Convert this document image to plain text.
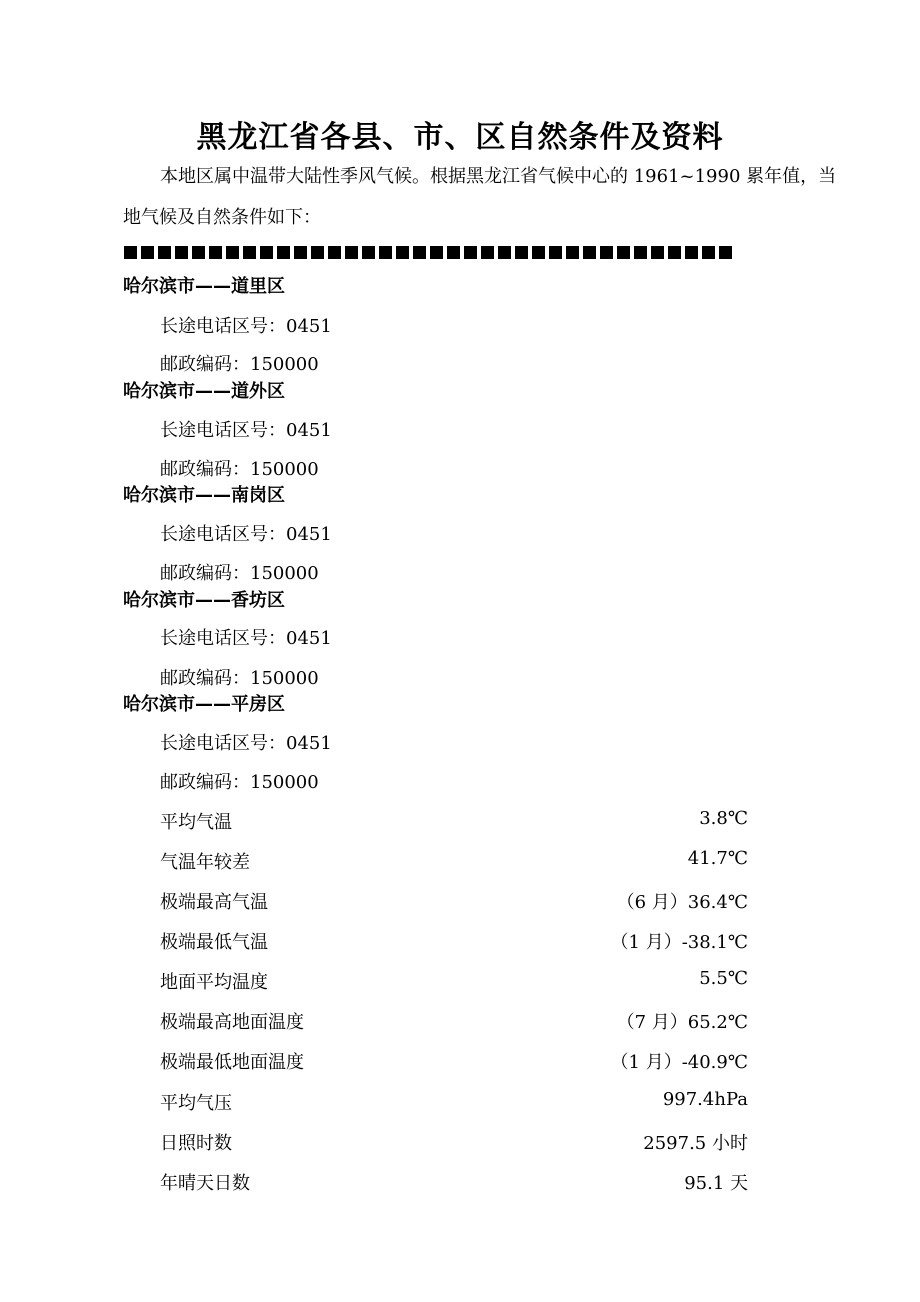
黑龙江省各县、市、区自然条件及资料
本地区属中温带大陆性季风气候。根据黑龙江省气候中心的 1961~1990 累年值，当
地气候及自然条件如下：
哈尔滨市——道里区
长途电话区号：0451
邮政编码：150000
哈尔滨市——道外区
长途电话区号：0451
邮政编码：150000
哈尔滨市——南岗区
长途电话区号：0451
邮政编码：150000
哈尔滨市——香坊区
长途电话区号：0451
邮政编码：150000
哈尔滨市——平房区
长途电话区号：0451
邮政编码：150000
平均气温	3.8℃
气温年较差	41.7℃
极端最高气温	（6 月）36.4℃
极端最低气温	（1 月）-38.1℃
地面平均温度	5.5℃
极端最高地面温度	（7 月）65.2℃
极端最低地面温度	（1 月）-40.9℃
平均气压	997.4hPa
日照时数	2597.5 小时
年晴天日数	95.1 天
